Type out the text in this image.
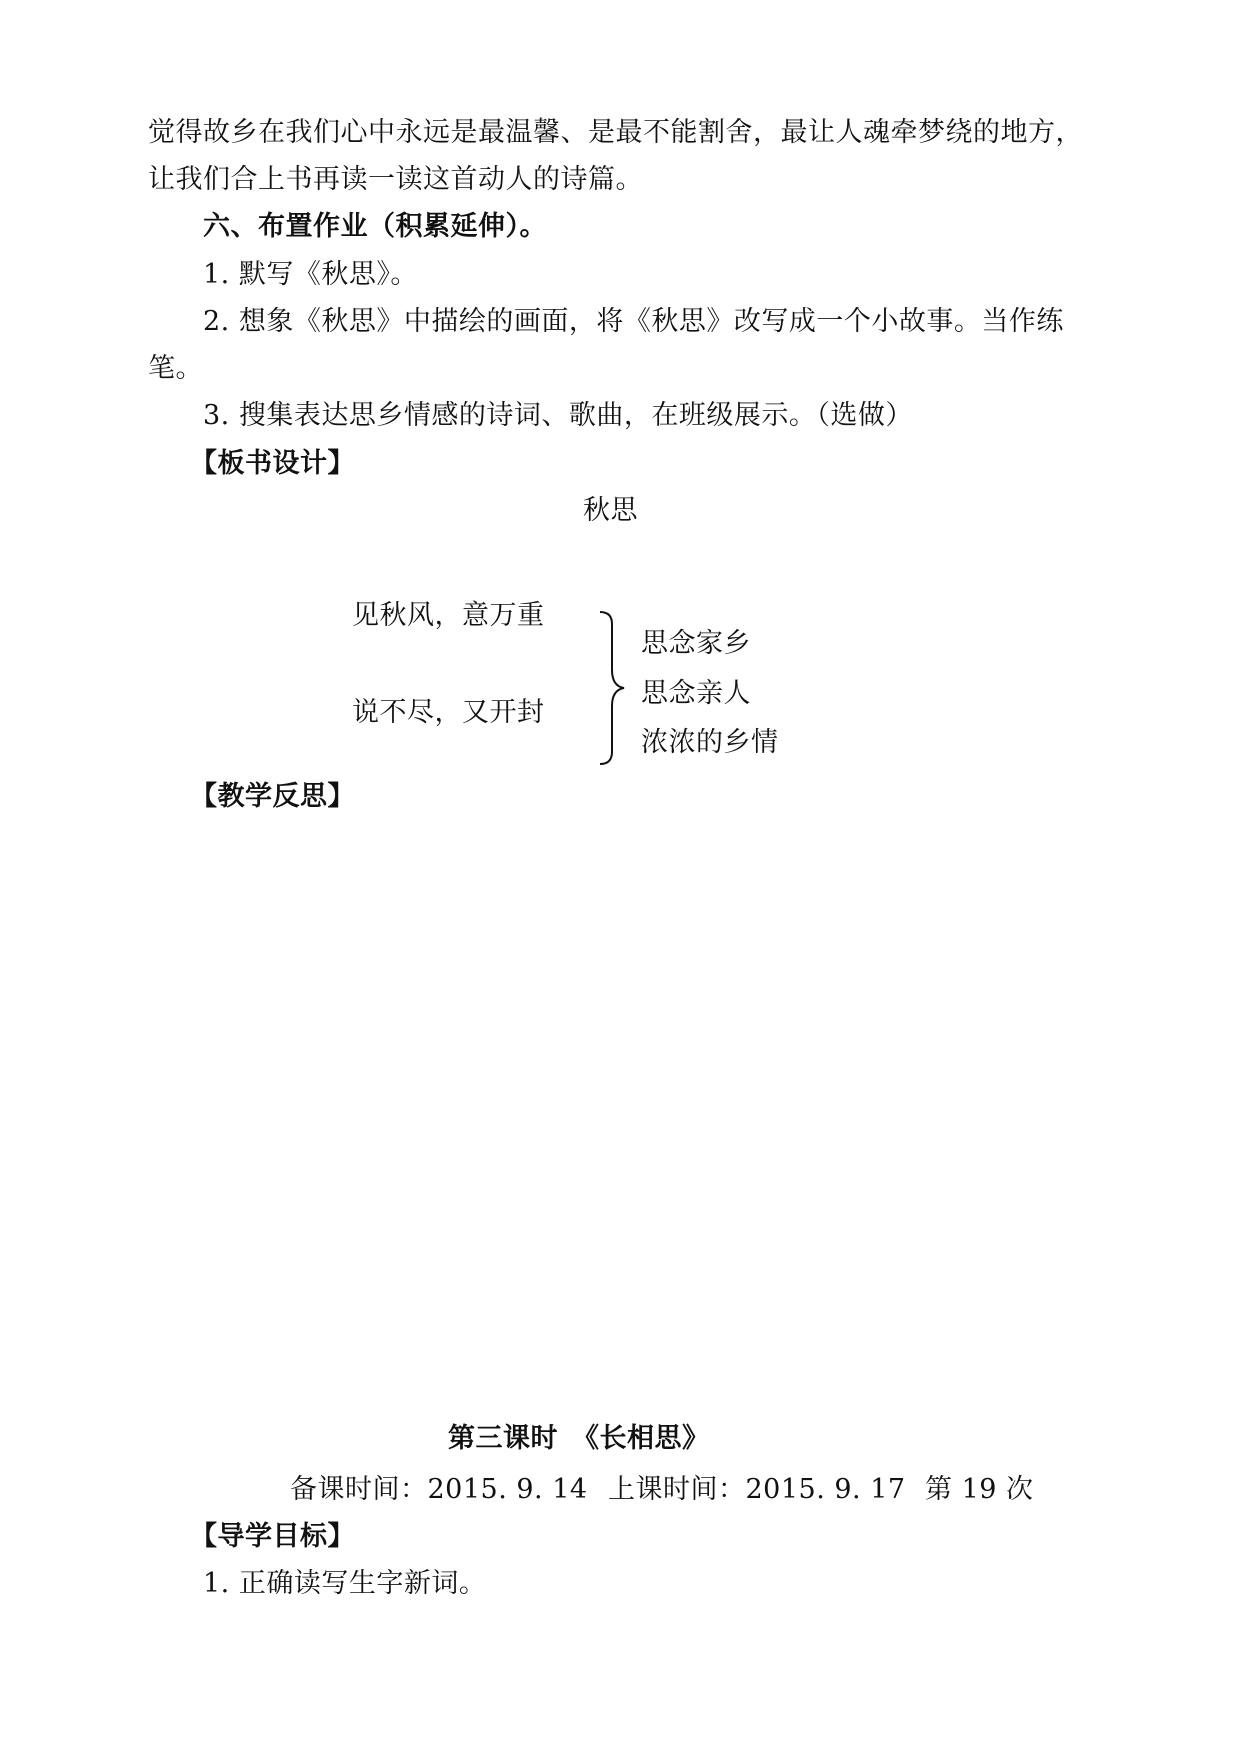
觉得故乡在我们心中永远是最温馨、是最不能割舍，最让人魂牵梦绕的地方，
让我们合上书再读一读这首动人的诗篇。
六、布置作业（积累延伸）。
1. 默写《秋思》。
2. 想象《秋思》中描绘的画面，将《秋思》改写成一个小故事。当作练
笔。
3. 搜集表达思乡情感的诗词、歌曲，在班级展示。（选做）
【板书设计】
秋思
见秋风，意万重
说不尽，又开封
思念家乡
思念亲人
浓浓的乡情
【教学反思】
第三课时　《长相思》
备课时间：2015. 9. 14 上课时间：2015. 9. 17 第 19 次
【导学目标】
1. 正确读写生字新词。
